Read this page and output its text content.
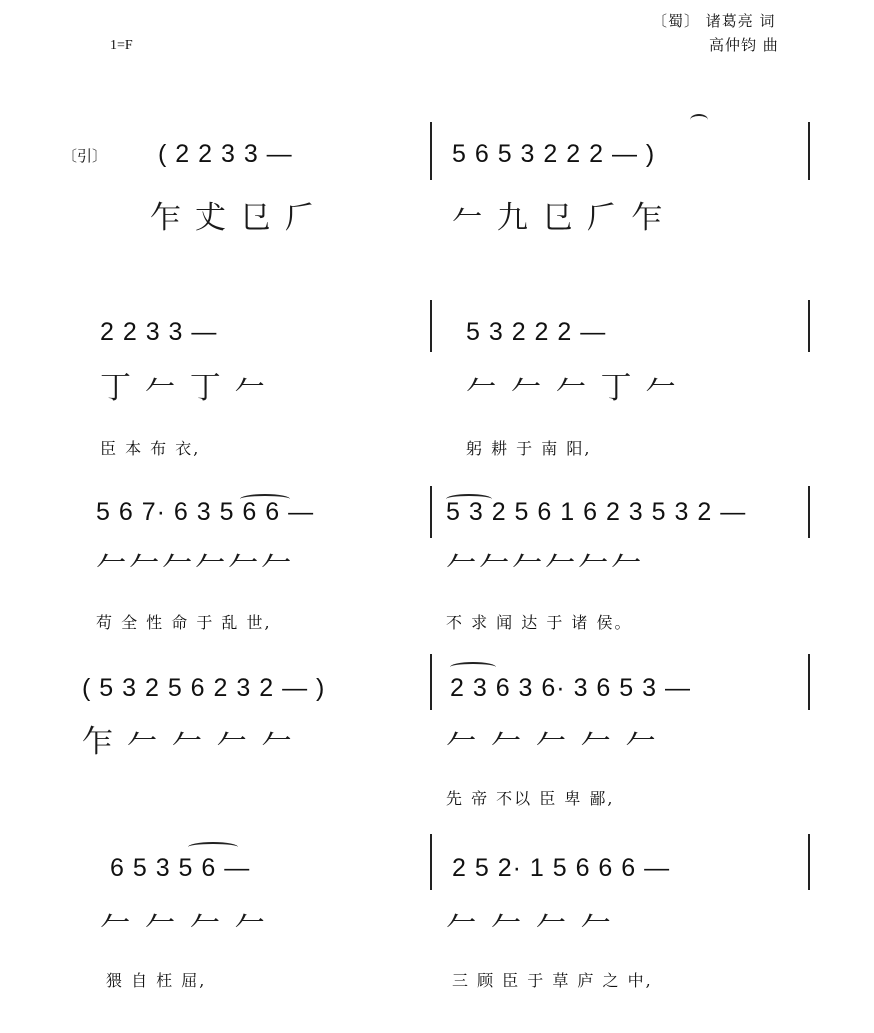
〔蜀〕 诸葛亮 词
高仲钧 曲
1=F
〔引〕 ( 2 2 3 3 —	5 6 5 3 2 2 2 — )
乍 𠀋 㔾 𠂆	𠂉 九 㔾 𠂆 乍
2 2 3 3 —	5 3 2 2 2 —
丁 𠂉 丁 𠂉	𠂉 𠂉 𠂉 丁 𠂉
臣 本 布 衣,	躬 耕 于 南 阳,
5 6 7· 6 3 5 6 6 —	5 3 2 5 6 1 6 2 3 5 3 2 —
𠂉𠂉𠂉𠂉𠂉𠂉	𠂉𠂉𠂉𠂉𠂉𠂉
苟 全 性 命 于 乱 世,	不 求 闻 达 于 诸 侯。
( 5 3 2 5 6 2 3 2 — )	2 3 6 3 6· 3 6 5 3 —
乍 𠂉 𠂉 𠂉 𠂉	𠂉 𠂉 𠂉 𠂉 𠂉
先 帝 不以 臣 卑 鄙,
6 5 3 5 6 —	2 5 2· 1 5 6 6 6 —
𠂉 𠂉 𠂉 𠂉	𠂉 𠂉 𠂉 𠂉
猥 自 枉 屈,	三 顾 臣 于 草 庐 之 中,
